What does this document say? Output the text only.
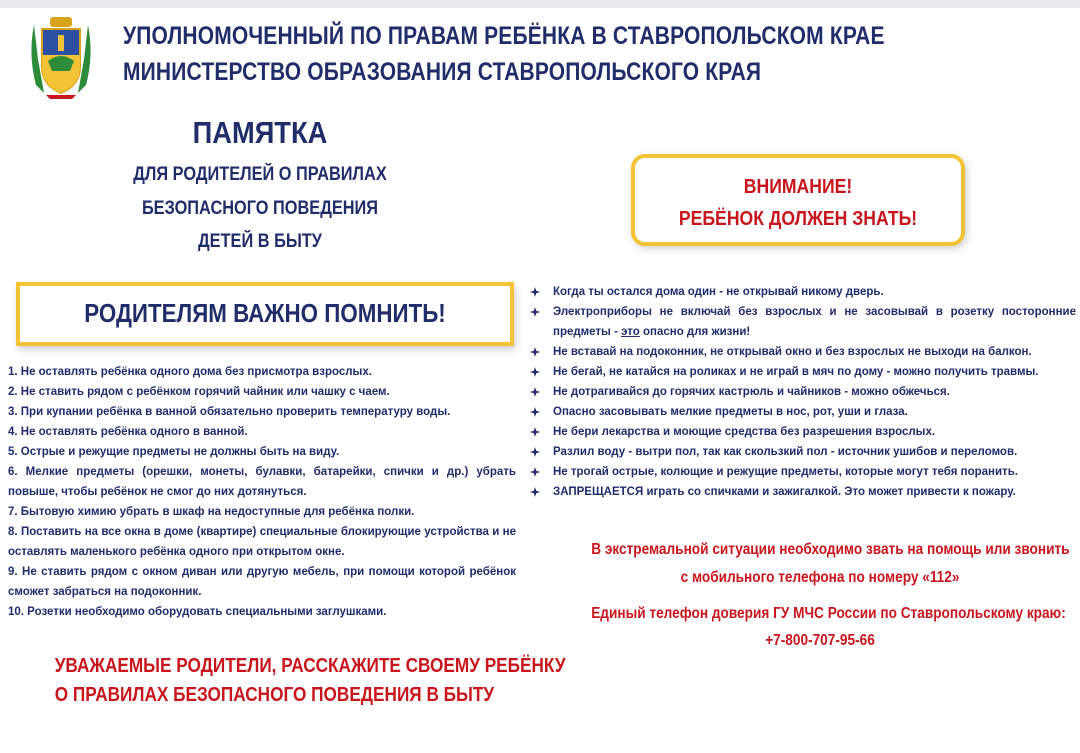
УПОЛНОМОЧЕННЫЙ ПО ПРАВАМ РЕБЁНКА В СТАВРОПОЛЬСКОМ КРАЕ
МИНИСТЕРСТВО ОБРАЗОВАНИЯ СТАВРОПОЛЬСКОГО КРАЯ
ПАМЯТКА
ДЛЯ РОДИТЕЛЕЙ О ПРАВИЛАХ
БЕЗОПАСНОГО ПОВЕДЕНИЯ
ДЕТЕЙ В БЫТУ
ВНИМАНИЕ!
РЕБЁНОК ДОЛЖЕН ЗНАТЬ!
РОДИТЕЛЯМ ВАЖНО ПОМНИТЬ!
1. Не оставлять ребёнка одного дома без присмотра взрослых.
2. Не ставить рядом с ребёнком горячий чайник или чашку с чаем.
3. При купании ребёнка в ванной обязательно проверить температуру воды.
4. Не оставлять ребёнка одного в ванной.
5. Острые и режущие предметы не должны быть на виду.
6. Мелкие предметы (орешки, монеты, булавки, батарейки, спички и др.) убрать повыше, чтобы ребёнок не смог до них дотянуться.
7. Бытовую химию убрать в шкаф на недоступные для ребёнка полки.
8. Поставить на все окна в доме (квартире) специальные блокирующие устройства и не оставлять маленького ребёнка одного при открытом окне.
9. Не ставить рядом с окном диван или другую мебель, при помощи которой ребёнок сможет забраться на подоконник.
10. Розетки необходимо оборудовать специальными заглушками.
УВАЖАЕМЫЕ РОДИТЕЛИ, РАССКАЖИТЕ СВОЕМУ РЕБЁНКУ
О ПРАВИЛАХ БЕЗОПАСНОГО ПОВЕДЕНИЯ В БЫТУ
Когда ты остался дома один - не открывай никому дверь.
Электроприборы не включай без взрослых и не засовывай в розетку посторонние предметы - это опасно для жизни!
Не вставай на подоконник, не открывай окно и без взрослых не выходи на балкон.
Не бегай, не катайся на роликах и не играй в мяч по дому - можно получить травмы.
Не дотрагивайся до горячих кастрюль и чайников - можно обжечься.
Опасно засовывать мелкие предметы в нос, рот, уши и глаза.
Не бери лекарства и моющие средства без разрешения взрослых.
Разлил воду - вытри пол, так как скользкий пол - источник ушибов и переломов.
Не трогай острые, колющие и режущие предметы, которые могут тебя поранить.
ЗАПРЕЩАЕТСЯ играть со спичками и зажигалкой. Это может привести к пожару.
В экстремальной ситуации необходимо звать на помощь или звонить
с мобильного телефона по номеру «112»
Единый телефон доверия ГУ МЧС России по Ставропольскому краю:
+7-800-707-95-66
